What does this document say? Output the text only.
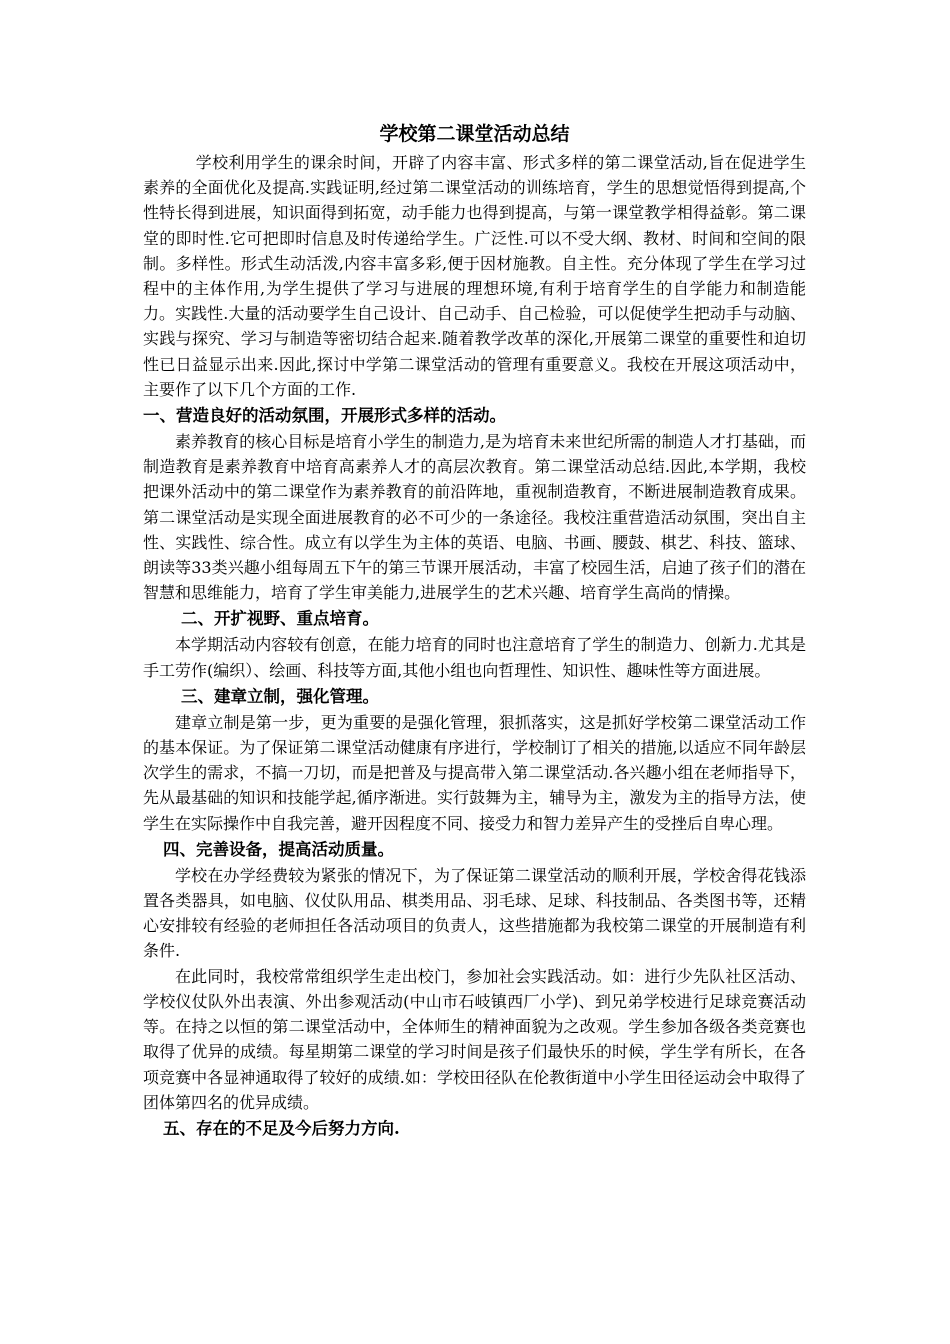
学校第二课堂活动总结

学校利用学生的课余时间，开辟了内容丰富、形式多样的第二课堂活动,旨在促进学生素养的全面优化及提高.实践证明,经过第二课堂活动的训练培育，学生的思想觉悟得到提高,个性特长得到进展，知识面得到拓宽，动手能力也得到提高，与第一课堂教学相得益彰。第二课堂的即时性.它可把即时信息及时传递给学生。广泛性.可以不受大纲、教材、时间和空间的限制。多样性。形式生动活泼,内容丰富多彩,便于因材施教。自主性。充分体现了学生在学习过程中的主体作用,为学生提供了学习与进展的理想环境,有利于培育学生的自学能力和制造能力。实践性.大量的活动要学生自己设计、自己动手、自己检验，可以促使学生把动手与动脑、实践与探究、学习与制造等密切结合起来.随着教学改革的深化,开展第二课堂的重要性和迫切性已日益显示出来.因此,探讨中学第二课堂活动的管理有重要意义。我校在开展这项活动中，主要作了以下几个方面的工作.

一、营造良好的活动氛围，开展形式多样的活动。

素养教育的核心目标是培育小学生的制造力,是为培育未来世纪所需的制造人才打基础，而制造教育是素养教育中培育高素养人才的高层次教育。第二课堂活动总结.因此,本学期，我校把课外活动中的第二课堂作为素养教育的前沿阵地，重视制造教育，不断进展制造教育成果。第二课堂活动是实现全面进展教育的必不可少的一条途径。我校注重营造活动氛围，突出自主性、实践性、综合性。成立有以学生为主体的英语、电脑、书画、腰鼓、棋艺、科技、篮球、朗读等33类兴趣小组每周五下午的第三节课开展活动，丰富了校园生活，启迪了孩子们的潜在智慧和思维能力，培育了学生审美能力,进展学生的艺术兴趣、培育学生高尚的情操。

二、开扩视野、重点培育。

本学期活动内容较有创意，在能力培育的同时也注意培育了学生的制造力、创新力.尤其是手工劳作(编织）、绘画、科技等方面,其他小组也向哲理性、知识性、趣味性等方面进展。

三、建章立制，强化管理。

建章立制是第一步，更为重要的是强化管理，狠抓落实，这是抓好学校第二课堂活动工作的基本保证。为了保证第二课堂活动健康有序进行，学校制订了相关的措施,以适应不同年龄层次学生的需求，不搞一刀切，而是把普及与提高带入第二课堂活动.各兴趣小组在老师指导下，先从最基础的知识和技能学起,循序渐进。实行鼓舞为主，辅导为主，激发为主的指导方法，使学生在实际操作中自我完善，避开因程度不同、接受力和智力差异产生的受挫后自卑心理。

四、完善设备，提高活动质量。

学校在办学经费较为紧张的情况下，为了保证第二课堂活动的顺利开展，学校舍得花钱添置各类器具，如电脑、仪仗队用品、棋类用品、羽毛球、足球、科技制品、各类图书等，还精心安排较有经验的老师担任各活动项目的负责人，这些措施都为我校第二课堂的开展制造有利条件.

在此同时，我校常常组织学生走出校门，参加社会实践活动。如：进行少先队社区活动、学校仪仗队外出表演、外出参观活动(中山市石岐镇西厂小学)、到兄弟学校进行足球竞赛活动等。在持之以恒的第二课堂活动中，全体师生的精神面貌为之改观。学生参加各级各类竞赛也取得了优异的成绩。每星期第二课堂的学习时间是孩子们最快乐的时候，学生学有所长，在各项竞赛中各显神通取得了较好的成绩.如：学校田径队在伦教街道中小学生田径运动会中取得了团体第四名的优异成绩。

五、存在的不足及今后努力方向.
